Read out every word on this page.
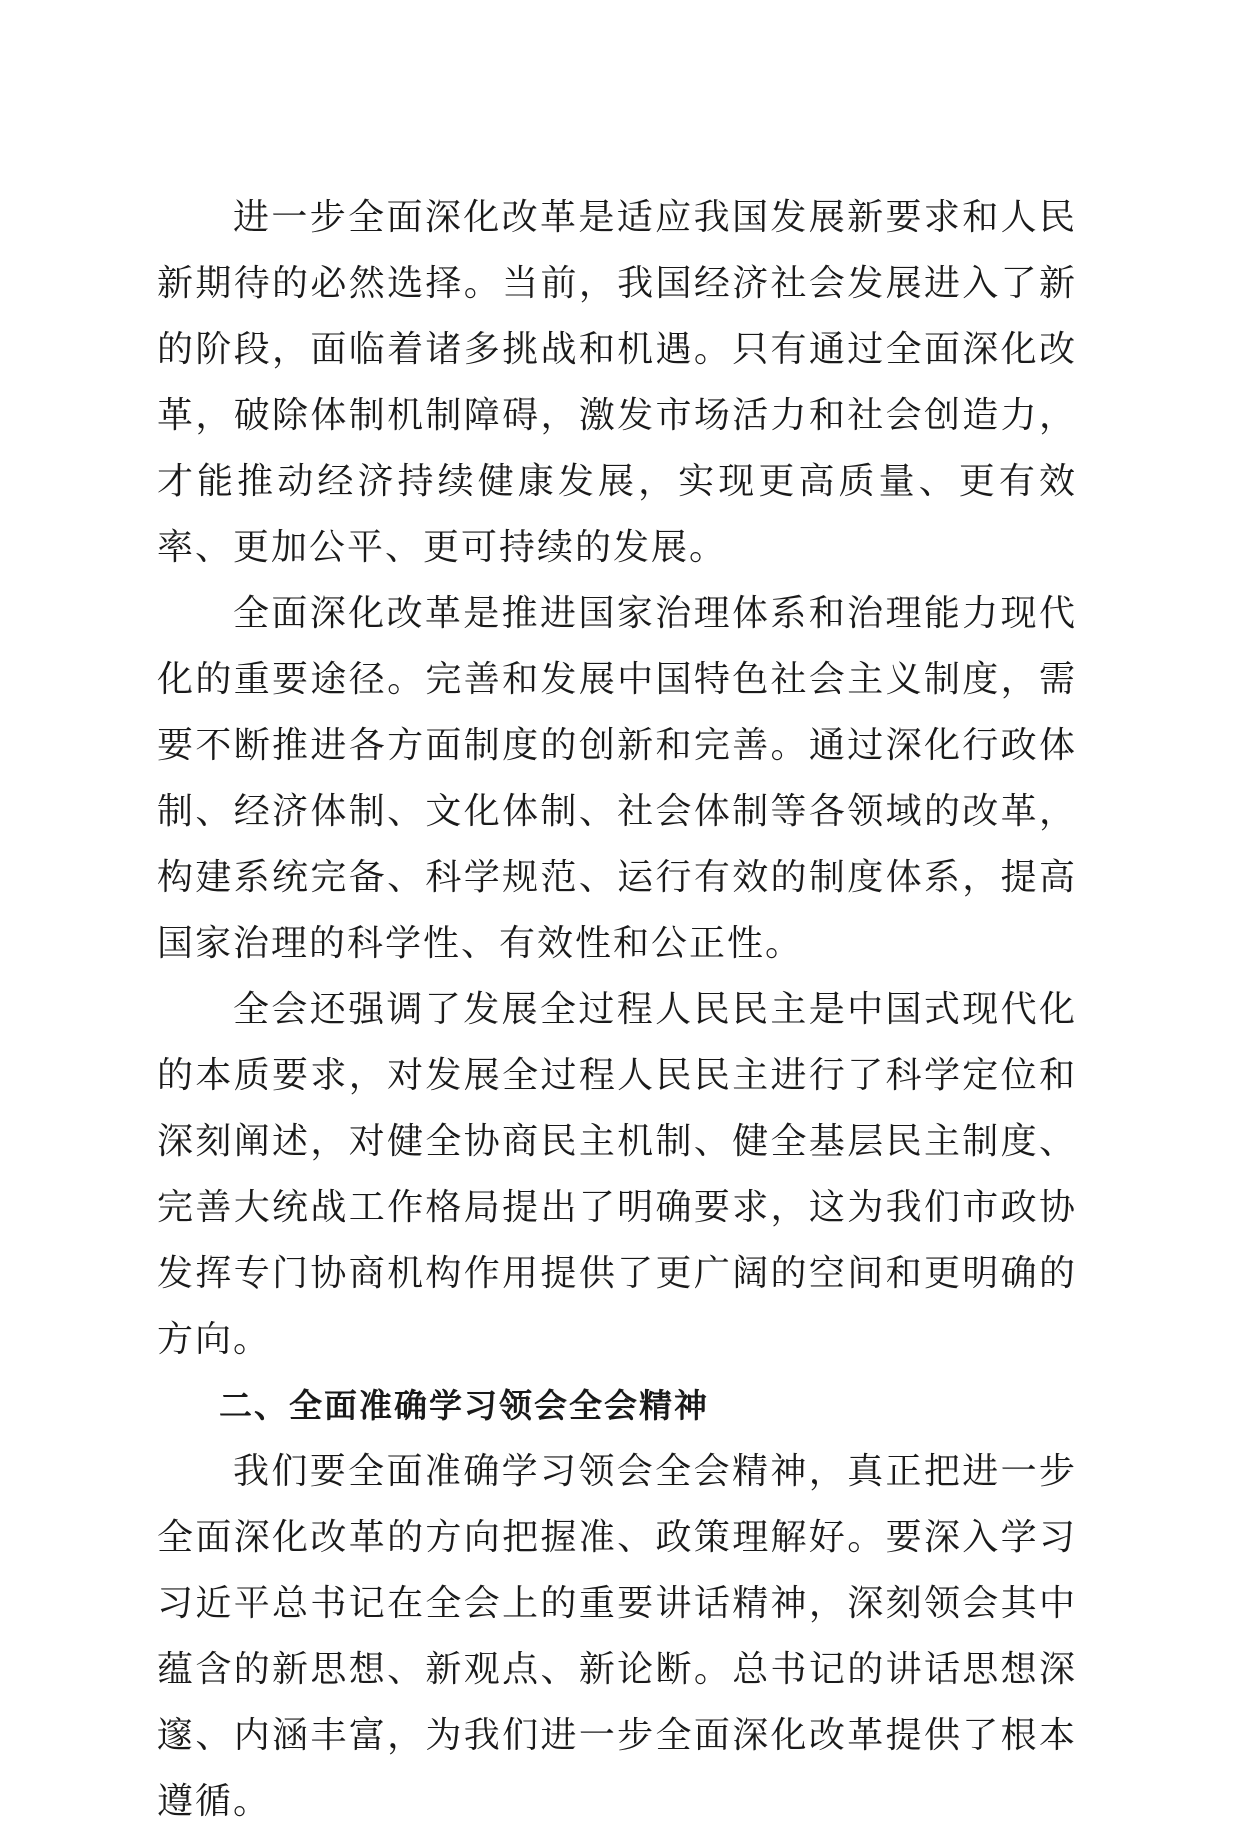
进一步全面深化改革是适应我国发展新要求和人民新期待的必然选择。当前，我国经济社会发展进入了新的阶段，面临着诸多挑战和机遇。只有通过全面深化改革，破除体制机制障碍，激发市场活力和社会创造力，才能推动经济持续健康发展，实现更高质量、更有效率、更加公平、更可持续的发展。

全面深化改革是推进国家治理体系和治理能力现代化的重要途径。完善和发展中国特色社会主义制度，需要不断推进各方面制度的创新和完善。通过深化行政体制、经济体制、文化体制、社会体制等各领域的改革，构建系统完备、科学规范、运行有效的制度体系，提高国家治理的科学性、有效性和公正性。

全会还强调了发展全过程人民民主是中国式现代化的本质要求，对发展全过程人民民主进行了科学定位和深刻阐述，对健全协商民主机制、健全基层民主制度、完善大统战工作格局提出了明确要求，这为我们市政协发挥专门协商机构作用提供了更广阔的空间和更明确的方向。

二、全面准确学习领会全会精神

我们要全面准确学习领会全会精神，真正把进一步全面深化改革的方向把握准、政策理解好。要深入学习习近平总书记在全会上的重要讲话精神，深刻领会其中蕴含的新思想、新观点、新论断。总书记的讲话思想深邃、内涵丰富，为我们进一步全面深化改革提供了根本遵循。
